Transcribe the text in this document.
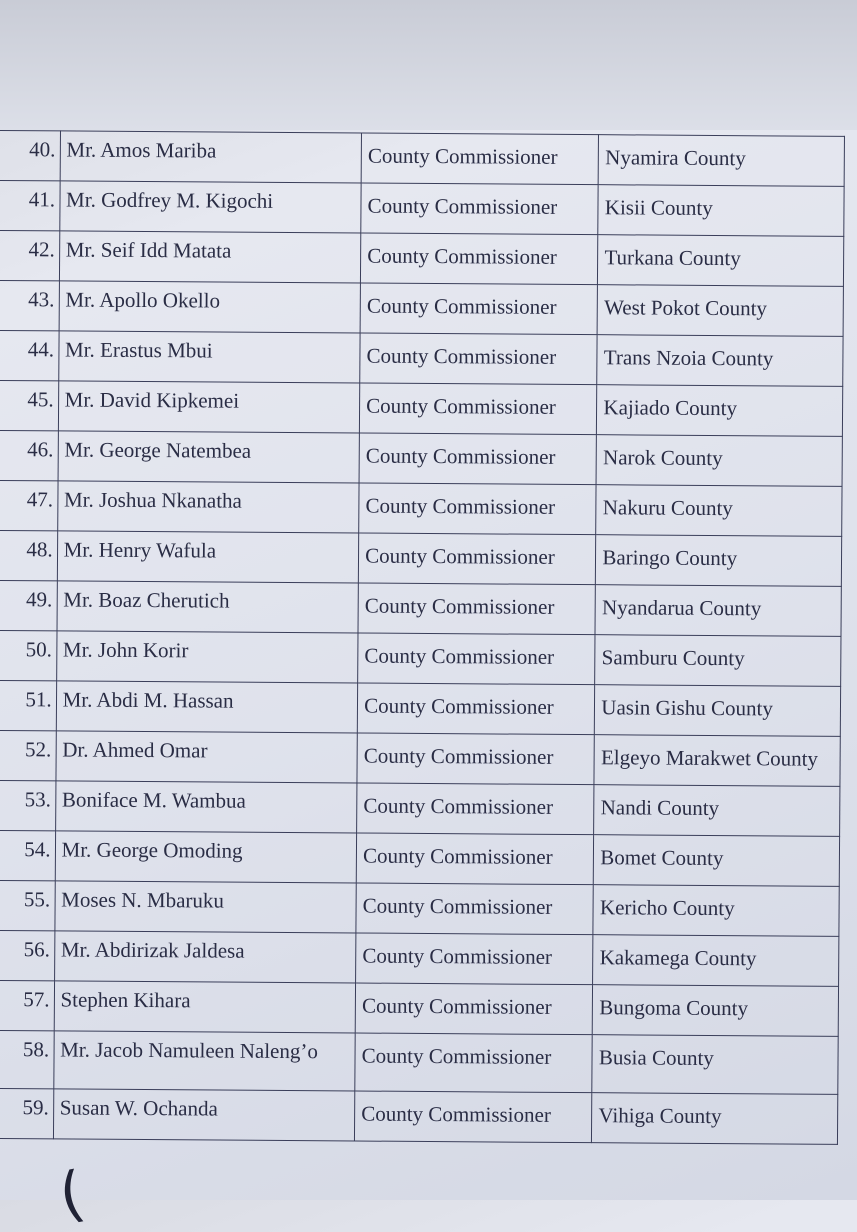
40.	Mr. Amos Mariba	County Commissioner	Nyamira County
41.	Mr. Godfrey M. Kigochi	County Commissioner	Kisii County
42.	Mr. Seif Idd Matata	County Commissioner	Turkana County
43.	Mr. Apollo Okello	County Commissioner	West Pokot County
44.	Mr. Erastus Mbui	County Commissioner	Trans Nzoia County
45.	Mr. David Kipkemei	County Commissioner	Kajiado County
46.	Mr. George Natembea	County Commissioner	Narok County
47.	Mr. Joshua Nkanatha	County Commissioner	Nakuru County
48.	Mr. Henry Wafula	County Commissioner	Baringo County
49.	Mr. Boaz Cherutich	County Commissioner	Nyandarua County
50.	Mr. John Korir	County Commissioner	Samburu County
51.	Mr. Abdi M. Hassan	County Commissioner	Uasin Gishu County
52.	Dr. Ahmed Omar	County Commissioner	Elgeyo Marakwet County
53.	Boniface M. Wambua	County Commissioner	Nandi County
54.	Mr. George Omoding	County Commissioner	Bomet County
55.	Moses N. Mbaruku	County Commissioner	Kericho County
56.	Mr. Abdirizak Jaldesa	County Commissioner	Kakamega County
57.	Stephen Kihara	County Commissioner	Bungoma County
58.	Mr. Jacob Namuleen Naleng’o	County Commissioner	Busia County
59.	Susan W. Ochanda	County Commissioner	Vihiga County
(
